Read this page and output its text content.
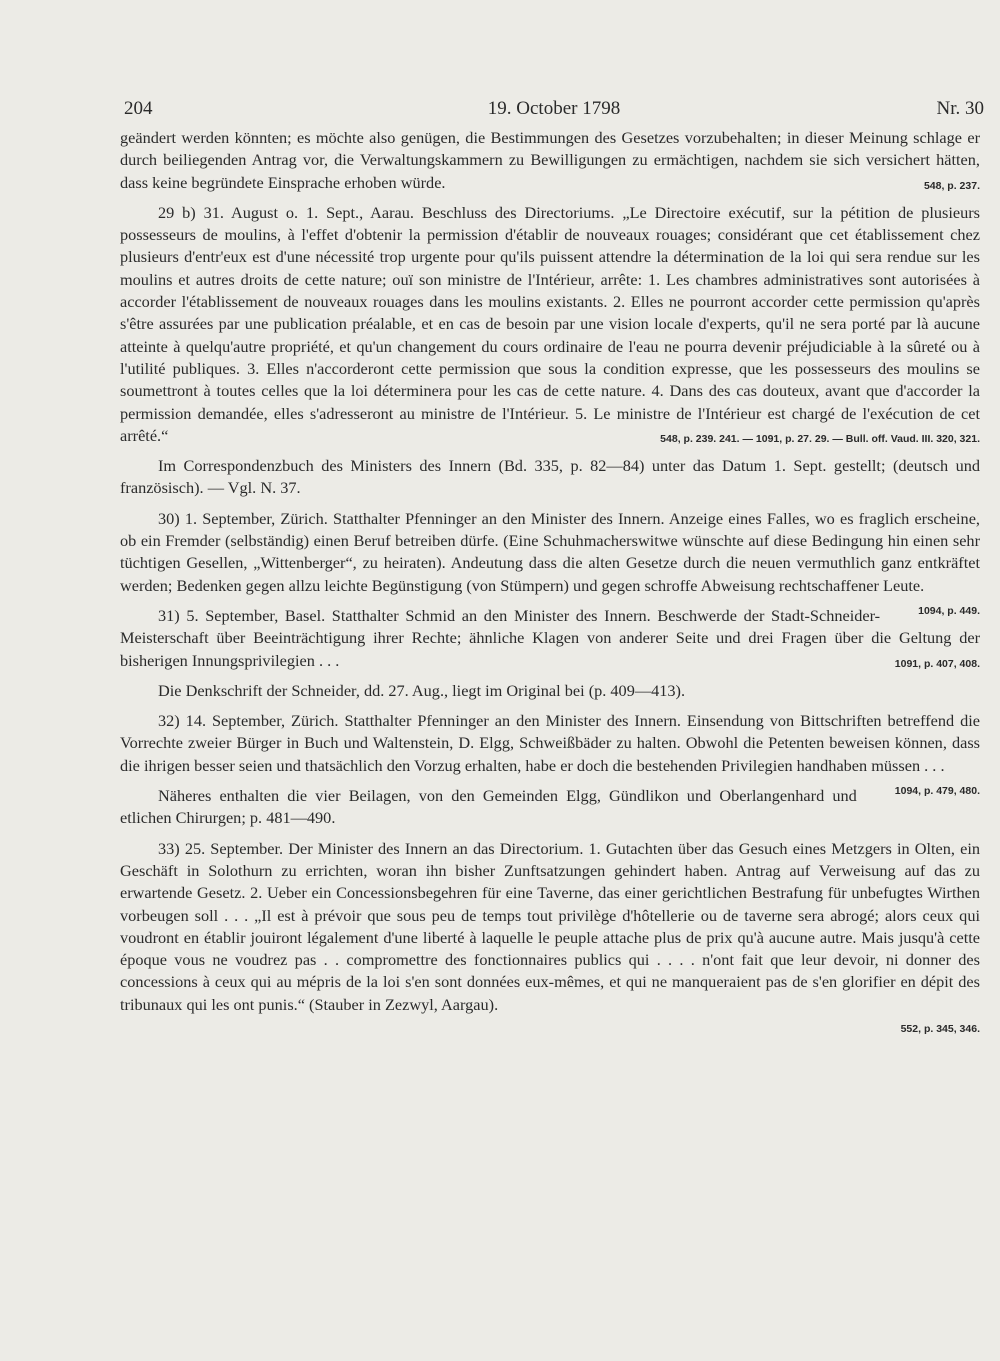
204	19. October 1798	Nr. 30

geändert werden könnten; es möchte also genügen, die Bestimmungen des Gesetzes vorzubehalten; in dieser Meinung schlage er durch beiliegenden Antrag vor, die Verwaltungskammern zu Bewilligungen zu ermächtigen, nachdem sie sich versichert hätten, dass keine begründete Einsprache erhoben würde.	548, p. 237.

29 b) 31. August o. 1. Sept., Aarau. Beschluss des Directoriums. „Le Directoire exécutif, sur la pétition de plusieurs possesseurs de moulins, à l'effet d'obtenir la permission d'établir de nouveaux rouages; considérant que cet établissement chez plusieurs d'entr'eux est d'une nécessité trop urgente pour qu'ils puissent attendre la détermination de la loi qui sera rendue sur les moulins et autres droits de cette nature; ouï son ministre de l'Intérieur, arrête: 1. Les chambres administratives sont autorisées à accorder l'établissement de nouveaux rouages dans les moulins existants. 2. Elles ne pourront accorder cette permission qu'après s'être assurées par une publication préalable, et en cas de besoin par une vision locale d'experts, qu'il ne sera porté par là aucune atteinte à quelqu'autre propriété, et qu'un changement du cours ordinaire de l'eau ne pourra devenir préjudiciable à la sûreté ou à l'utilité publiques. 3. Elles n'accorderont cette permission que sous la condition expresse, que les possesseurs des moulins se soumettront à toutes celles que la loi déterminera pour les cas de cette nature. 4. Dans des cas douteux, avant que d'accorder la permission demandée, elles s'adresseront au ministre de l'Intérieur. 5. Le ministre de l'Intérieur est chargé de l'exécution de cet arrêté.“	548, p. 239. 241. — 1091, p. 27. 29. — Bull. off. Vaud. III. 320, 321.

Im Correspondenzbuch des Ministers des Innern (Bd. 335, p. 82—84) unter das Datum 1. Sept. gestellt; (deutsch und französisch). — Vgl. N. 37.

30) 1. September, Zürich. Statthalter Pfenninger an den Minister des Innern. Anzeige eines Falles, wo es fraglich erscheine, ob ein Fremder (selbständig) einen Beruf betreiben dürfe. (Eine Schuhmacherswitwe wünschte auf diese Bedingung hin einen sehr tüchtigen Gesellen, „Wittenberger“, zu heiraten). Andeutung dass die alten Gesetze durch die neuen vermuthlich ganz entkräftet werden; Bedenken gegen allzu leichte Begünstigung (von Stümpern) und gegen schroffe Abweisung rechtschaffener Leute.
1094, p. 449.

31) 5. September, Basel. Statthalter Schmid an den Minister des Innern. Beschwerde der Stadt-Schneider-Meisterschaft über Beeinträchtigung ihrer Rechte; ähnliche Klagen von anderer Seite und drei Fragen über die Geltung der bisherigen Innungsprivilegien . . .	1091, p. 407, 408.

Die Denkschrift der Schneider, dd. 27. Aug., liegt im Original bei (p. 409—413).

32) 14. September, Zürich. Statthalter Pfenninger an den Minister des Innern. Einsendung von Bittschriften betreffend die Vorrechte zweier Bürger in Buch und Waltenstein, D. Elgg, Schweißbäder zu halten. Obwohl die Petenten beweisen können, dass die ihrigen besser seien und thatsächlich den Vorzug erhalten, habe er doch die bestehenden Privilegien handhaben müssen . . .
1094, p. 479, 480.

Näheres enthalten die vier Beilagen, von den Gemeinden Elgg, Gündlikon und Oberlangenhard und etlichen Chirurgen; p. 481—490.

33) 25. September. Der Minister des Innern an das Directorium. 1. Gutachten über das Gesuch eines Metzgers in Olten, ein Geschäft in Solothurn zu errichten, woran ihn bisher Zunftsatzungen gehindert haben. Antrag auf Verweisung auf das zu erwartende Gesetz. 2. Ueber ein Concessionsbegehren für eine Taverne, das einer gerichtlichen Bestrafung für unbefugtes Wirthen vorbeugen soll . . . „Il est à prévoir que sous peu de temps tout privilège d'hôtellerie ou de taverne sera abrogé; alors ceux qui voudront en établir jouiront légalement d'une liberté à laquelle le peuple attache plus de prix qu'à aucune autre. Mais jusqu'à cette époque vous ne voudrez pas . . compromettre des fonctionnaires publics qui . . . . n'ont fait que leur devoir, ni donner des concessions à ceux qui au mépris de la loi s'en sont données eux-mêmes, et qui ne manqueraient pas de s'en glorifier en dépit des tribunaux qui les ont punis.“ (Stauber in Zezwyl, Aargau).

552, p. 345, 346.
